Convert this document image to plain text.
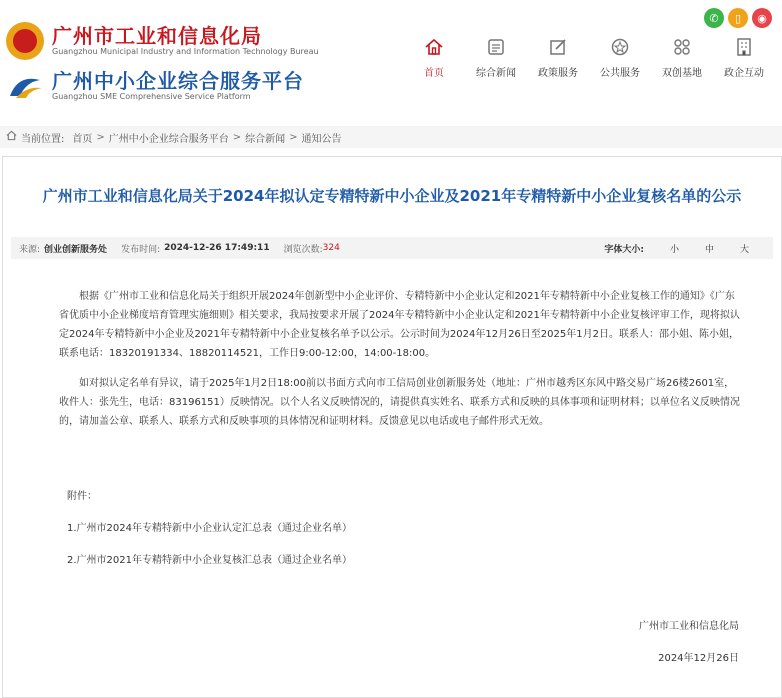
广州市工业和信息化局
Guangzhou Municipal Industry and Information Technology Bureau
广州中小企业综合服务平台
Guangzhou SME Comprehensive Service Platform
✆	▯	◉
首页	综合新闻 政策服务 公共服务 双创基地 政企互动
当前位置: 首页 > 广州中小企业综合服务平台 > 综合新闻 > 通知公告
广州市工业和信息化局关于2024年拟认定专精特新中小企业及2021年专精特新中小企业复核名单的公示
来源: 创业创新服务处 发布时间: 2024-12-26 17:49:11 浏览次数: 324	字体大小:	小	中	大

根据《广州市工业和信息化局关于组织开展2024年创新型中小企业评价、专精特新中小企业认定和2021年专精特新中小企业复核工作的通知》《广东省优质中小企业梯度培育管理实施细则》相关要求，我局按要求开展了2024年专精特新中小企业认定和2021年专精特新中小企业复核评审工作，现将拟认定2024年专精特新中小企业及2021年专精特新中小企业复核名单予以公示。公示时间为2024年12月26日至2025年1月2日。联系人：邵小姐、陈小姐，联系电话：18320191334、18820114521，工作日9:00-12:00，14:00-18:00。

如对拟认定名单有异议，请于2025年1月2日18:00前以书面方式向市工信局创业创新服务处（地址：广州市越秀区东风中路交易广场26楼2601室，收件人：张先生，电话：83196151）反映情况。以个人名义反映情况的，请提供真实姓名、联系方式和反映的具体事项和证明材料；以单位名义反映情况的，请加盖公章、联系人、联系方式和反映事项的具体情况和证明材料。反馈意见以电话或电子邮件形式无效。

附件：
1.广州市2024年专精特新中小企业认定汇总表（通过企业名单）
2.广州市2021年专精特新中小企业复核汇总表（通过企业名单）
广州市工业和信息化局
2024年12月26日
